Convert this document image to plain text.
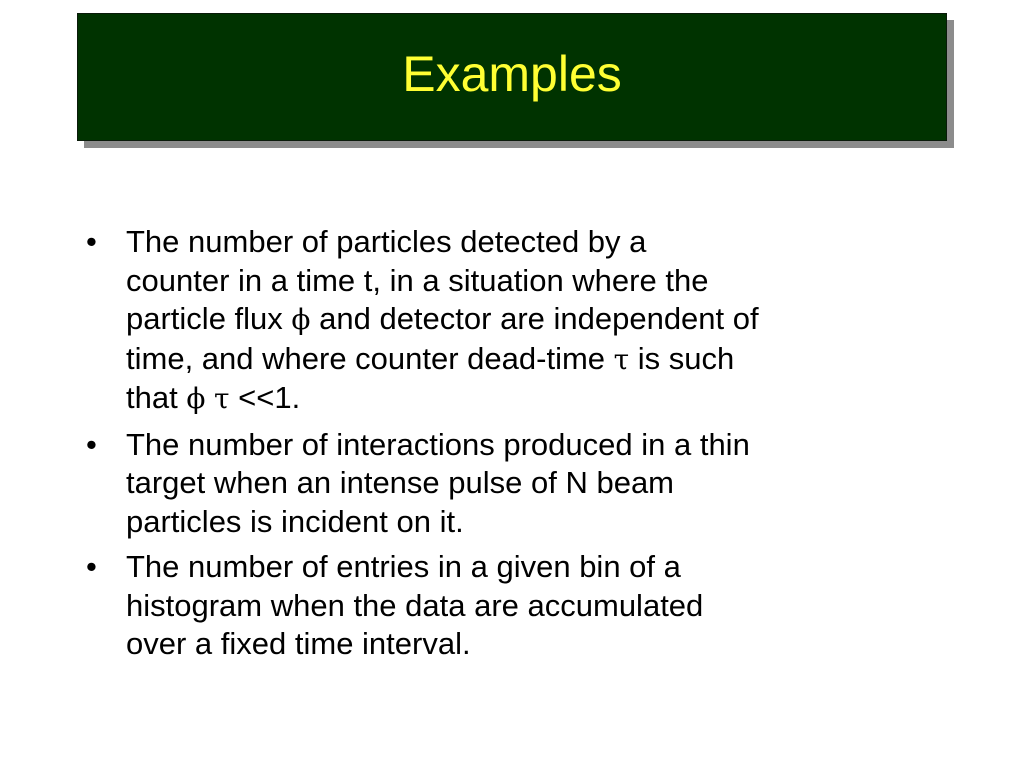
Examples
• The number of particles detected by a
counter in a time t, in a situation where the
particle flux ϕ and detector are independent of
time, and where counter dead-time τ is such
that ϕ τ <<1.
• The number of interactions produced in a thin
target when an intense pulse of N beam
particles is incident on it.
• The number of entries in a given bin of a
histogram when the data are accumulated
over a fixed time interval.
